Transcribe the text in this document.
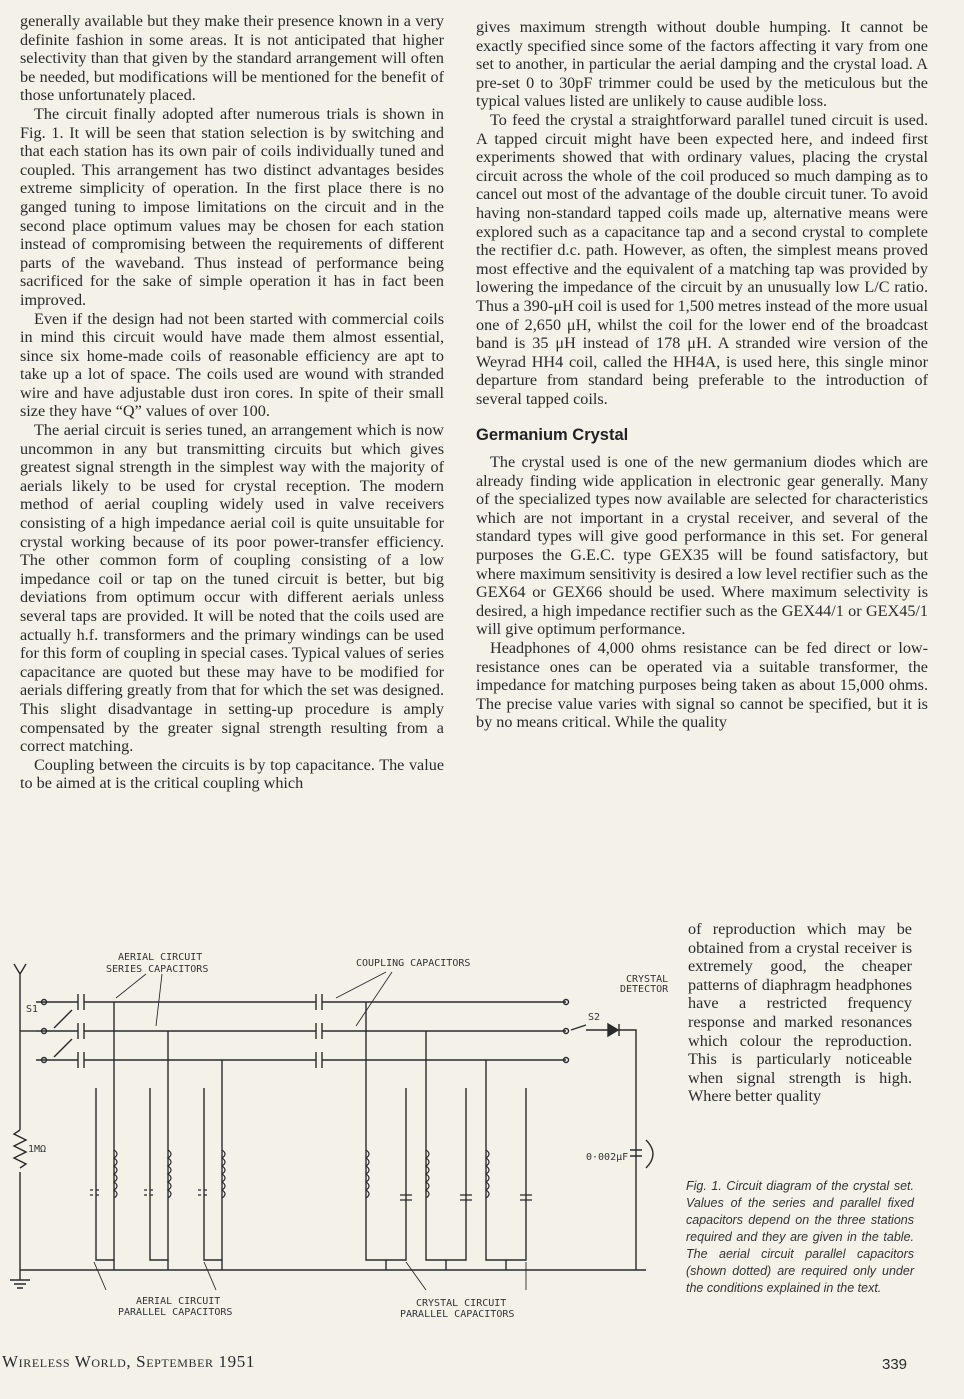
generally available but they make their presence known in a very definite fashion in some areas. It is not anticipated that higher selectivity than that given by the standard arrangement will often be needed, but modifications will be mentioned for the benefit of those unfortunately placed.

The circuit finally adopted after numerous trials is shown in Fig. 1. It will be seen that station selection is by switching and that each station has its own pair of coils individually tuned and coupled. This arrangement has two distinct advantages besides extreme simplicity of operation. In the first place there is no ganged tuning to impose limitations on the circuit and in the second place optimum values may be chosen for each station instead of compromising between the requirements of different parts of the waveband. Thus instead of performance being sacrificed for the sake of simple operation it has in fact been improved.

Even if the design had not been started with commercial coils in mind this circuit would have made them almost essential, since six home-made coils of reasonable efficiency are apt to take up a lot of space. The coils used are wound with stranded wire and have adjustable dust iron cores. In spite of their small size they have “Q” values of over 100.

The aerial circuit is series tuned, an arrangement which is now uncommon in any but transmitting circuits but which gives greatest signal strength in the simplest way with the majority of aerials likely to be used for crystal reception. The modern method of aerial coupling widely used in valve receivers consisting of a high impedance aerial coil is quite unsuitable for crystal working because of its poor power-transfer efficiency. The other common form of coupling consisting of a low impedance coil or tap on the tuned circuit is better, but big deviations from optimum occur with different aerials unless several taps are provided. It will be noted that the coils used are actually h.f. transformers and the primary windings can be used for this form of coupling in special cases. Typical values of series capacitance are quoted but these may have to be modified for aerials differing greatly from that for which the set was designed. This slight disadvantage in setting-up procedure is amply compensated by the greater signal strength resulting from a correct matching.

Coupling between the circuits is by top capacitance. The value to be aimed at is the critical coupling which

gives maximum strength without double humping. It cannot be exactly specified since some of the factors affecting it vary from one set to another, in particular the aerial damping and the crystal load. A pre-set 0 to 30pF trimmer could be used by the meticulous but the typical values listed are unlikely to cause audible loss.

To feed the crystal a straightforward parallel tuned circuit is used. A tapped circuit might have been expected here, and indeed first experiments showed that with ordinary values, placing the crystal circuit across the whole of the coil produced so much damping as to cancel out most of the advantage of the double circuit tuner. To avoid having non-standard tapped coils made up, alternative means were explored such as a capacitance tap and a second crystal to complete the rectifier d.c. path. However, as often, the simplest means proved most effective and the equivalent of a matching tap was provided by lowering the impedance of the circuit by an unusually low L/C ratio. Thus a 390-μH coil is used for 1,500 metres instead of the more usual one of 2,650 μH, whilst the coil for the lower end of the broadcast band is 35 μH instead of 178 μH. A stranded wire version of the Weyrad HH4 coil, called the HH4A, is used here, this single minor departure from standard being preferable to the introduction of several tapped coils.

Germanium Crystal

The crystal used is one of the new germanium diodes which are already finding wide application in electronic gear generally. Many of the specialized types now available are selected for characteristics which are not important in a crystal receiver, and several of the standard types will give good performance in this set. For general purposes the G.E.C. type GEX35 will be found satisfactory, but where maximum sensitivity is desired a low level rectifier such as the GEX64 or GEX66 should be used. Where maximum selectivity is desired, a high impedance rectifier such as the GEX44/1 or GEX45/1 will give optimum performance.

Headphones of 4,000 ohms resistance can be fed direct or low-resistance ones can be operated via a suitable transformer, the impedance for matching purposes being taken as about 15,000 ohms. The precise value varies with signal so cannot be specified, but it is by no means critical. While the quality

of reproduction which may be obtained from a crystal receiver is extremely good, the cheaper patterns of diaphragm headphones have a restricted frequency response and marked resonances which colour the reproduction. This is particularly noticeable when signal strength is high. Where better quality
AERIAL CIRCUIT
SERIES CAPACITORS
COUPLING CAPACITORS
CRYSTAL
DETECTOR
1MΩ
S1
S2
0·002μF
AERIAL CIRCUIT
PARALLEL CAPACITORS
CRYSTAL CIRCUIT
PARALLEL CAPACITORS
Fig. 1. Circuit diagram of the crystal set. Values of the series and parallel fixed capacitors depend on the three stations required and they are given in the table. The aerial circuit parallel capacitors (shown dotted) are required only under the conditions explained in the text.
Wireless World, September 1951	339
